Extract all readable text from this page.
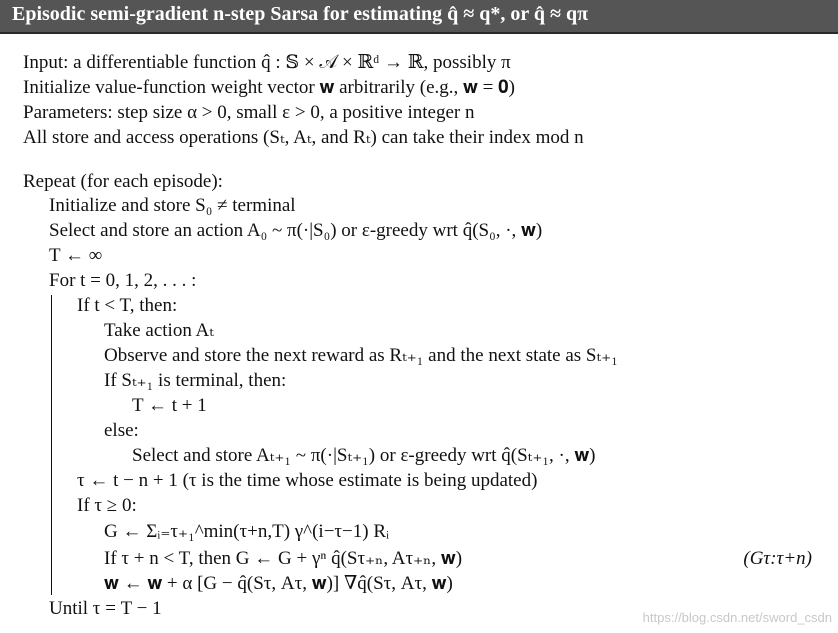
Episodic semi-gradient n-step Sarsa for estimating q̂ ≈ q*, or q̂ ≈ qπ
Input: a differentiable function q̂ : 𝕊 × 𝒜 × ℝᵈ → ℝ, possibly π
Initialize value-function weight vector 𝐰 arbitrarily (e.g., 𝐰 = 𝟎)
Parameters: step size α > 0, small ε > 0, a positive integer n
All store and access operations (Sₜ, Aₜ, and Rₜ) can take their index mod n
Repeat (for each episode):
Initialize and store S₀ ≠ terminal
Select and store an action A₀ ~ π(·|S₀) or ε-greedy wrt q̂(S₀, ·, 𝐰)
T ← ∞
For t = 0, 1, 2, . . . :
If t < T, then:
Take action Aₜ
Observe and store the next reward as Rₜ₊₁ and the next state as Sₜ₊₁
If Sₜ₊₁ is terminal, then:
T ← t + 1
else:
Select and store Aₜ₊₁ ~ π(·|Sₜ₊₁) or ε-greedy wrt q̂(Sₜ₊₁, ·, 𝐰)
τ ← t − n + 1 (τ is the time whose estimate is being updated)
If τ ≥ 0:
G ← Σᵢ₌τ₊₁^min(τ+n,T) γ^(i−τ−1) Rᵢ
If τ + n < T, then G ← G + γⁿ q̂(Sτ₊ₙ, Aτ₊ₙ, 𝐰)
𝐰 ← 𝐰 + α [G − q̂(Sτ, Aτ, 𝐰)] ∇q̂(Sτ, Aτ, 𝐰)
Until τ = T − 1
(Gτ:τ+n)
https://blog.csdn.net/sword_csdn
